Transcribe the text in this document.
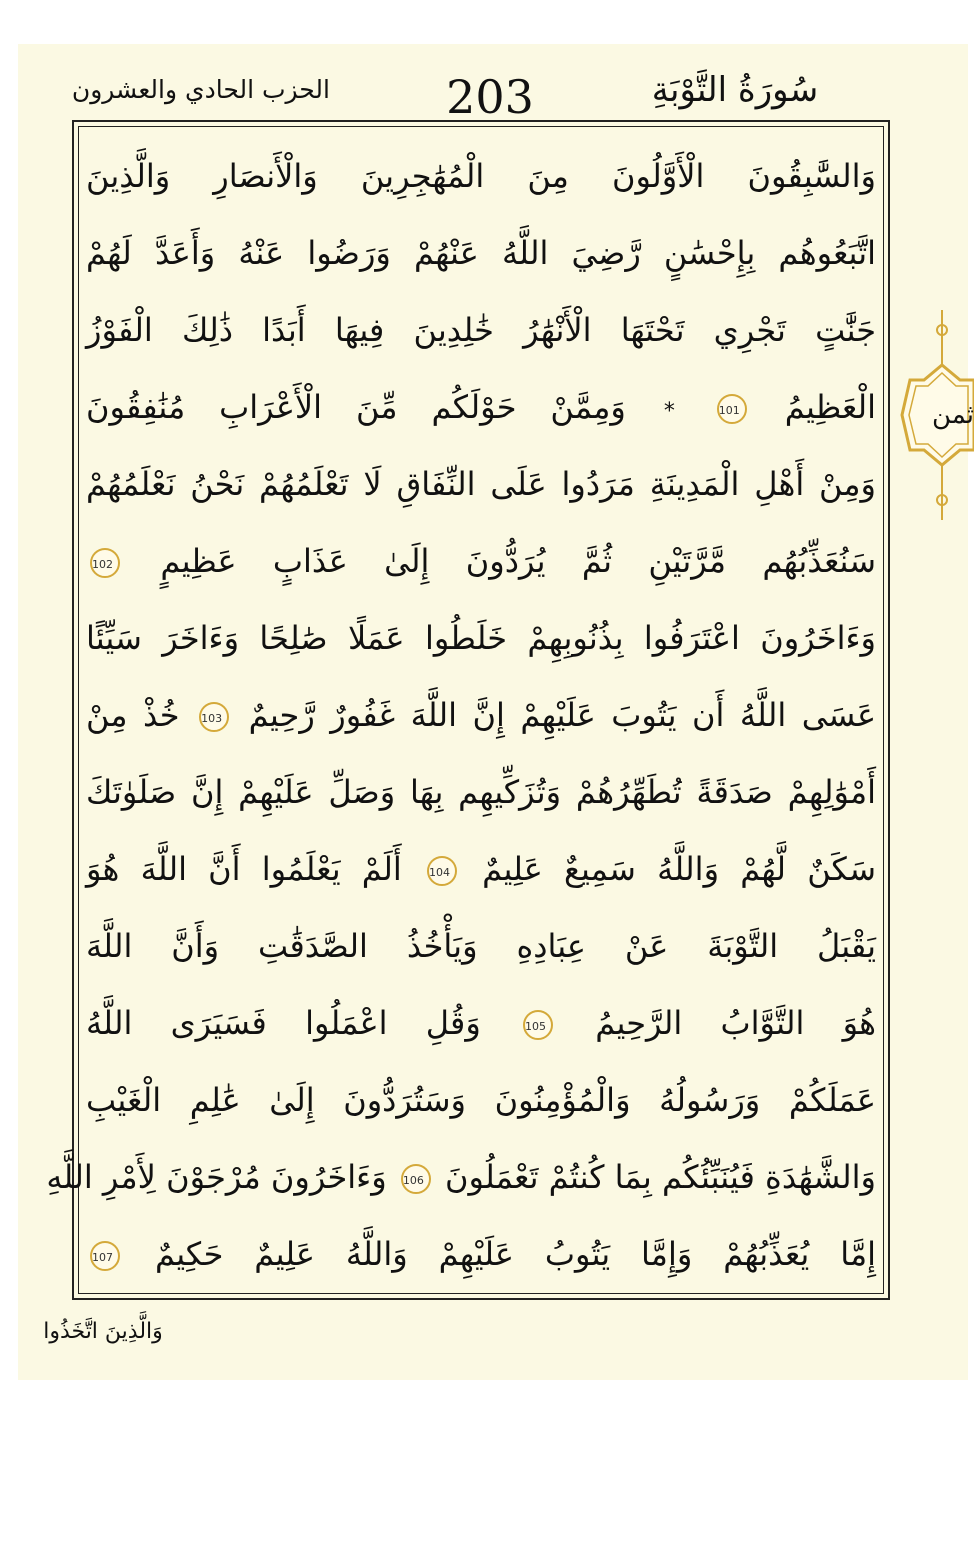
سُورَةُ التَّوْبَةِ
203
الحزب الحادي والعشرون
وَالسَّٰبِقُونَ الْأَوَّلُونَ مِنَ الْمُهَٰجِرِينَ وَالْأَنصَارِ وَالَّذِينَ
اتَّبَعُوهُم بِإِحْسَٰنٍ رَّضِيَ اللَّهُ عَنْهُمْ وَرَضُوا عَنْهُ وَأَعَدَّ لَهُمْ
جَنَّٰتٍ تَجْرِي تَحْتَهَا الْأَنْهَٰرُ خَٰلِدِينَ فِيهَا أَبَدًا ذَٰلِكَ الْفَوْزُ
الْعَظِيمُ 101 * وَمِمَّنْ حَوْلَكُم مِّنَ الْأَعْرَابِ مُنَٰفِقُونَ
وَمِنْ أَهْلِ الْمَدِينَةِ مَرَدُوا عَلَى النِّفَاقِ لَا تَعْلَمُهُمْ نَحْنُ نَعْلَمُهُمْ
سَنُعَذِّبُهُم مَّرَّتَيْنِ ثُمَّ يُرَدُّونَ إِلَىٰ عَذَابٍ عَظِيمٍ 102
وَءَاخَرُونَ اعْتَرَفُوا بِذُنُوبِهِمْ خَلَطُوا عَمَلًا صَٰلِحًا وَءَاخَرَ سَيِّئًا
عَسَى اللَّهُ أَن يَتُوبَ عَلَيْهِمْ إِنَّ اللَّهَ غَفُورٌ رَّحِيمٌ 103 خُذْ مِنْ
أَمْوَٰلِهِمْ صَدَقَةً تُطَهِّرُهُمْ وَتُزَكِّيهِم بِهَا وَصَلِّ عَلَيْهِمْ إِنَّ صَلَوٰتَكَ
سَكَنٌ لَّهُمْ وَاللَّهُ سَمِيعٌ عَلِيمٌ 104 أَلَمْ يَعْلَمُوا أَنَّ اللَّهَ هُوَ
يَقْبَلُ التَّوْبَةَ عَنْ عِبَادِهِ وَيَأْخُذُ الصَّدَقَٰتِ وَأَنَّ اللَّهَ
هُوَ التَّوَّابُ الرَّحِيمُ 105 وَقُلِ اعْمَلُوا فَسَيَرَى اللَّهُ
عَمَلَكُمْ وَرَسُولُهُ وَالْمُؤْمِنُونَ وَسَتُرَدُّونَ إِلَىٰ عَٰلِمِ الْغَيْبِ
وَالشَّهَٰدَةِ فَيُنَبِّئُكُم بِمَا كُنتُمْ تَعْمَلُونَ 106 وَءَاخَرُونَ مُرْجَوْنَ لِأَمْرِ اللَّهِ
إِمَّا يُعَذِّبُهُمْ وَإِمَّا يَتُوبُ عَلَيْهِمْ وَاللَّهُ عَلِيمٌ حَكِيمٌ 107
ثمن
وَالَّذِينَ اتَّخَذُوا
